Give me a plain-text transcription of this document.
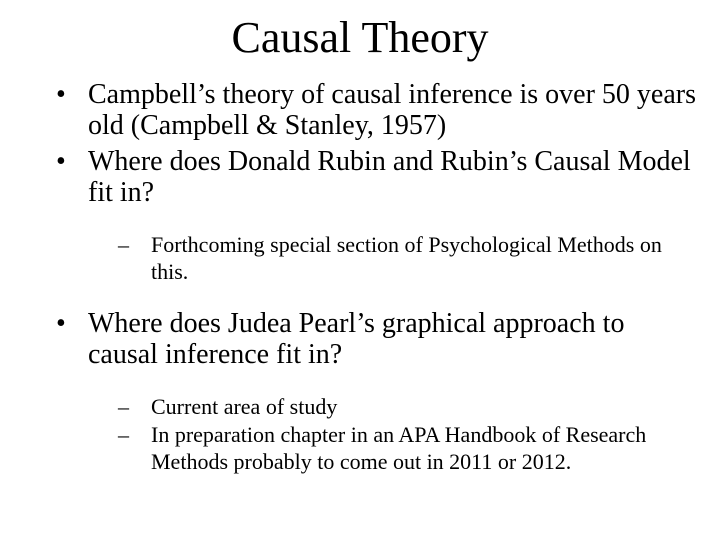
Causal Theory
• Campbell’s theory of causal inference is over 50 years old (Campbell & Stanley, 1957)
• Where does Donald Rubin and Rubin’s Causal Model fit in?
–	Forthcoming special section of Psychological Methods on this.
• Where does Judea Pearl’s graphical approach to causal inference fit in?
–	Current area of study
–	In preparation chapter in an APA Handbook of Research Methods probably to come out in 2011 or 2012.
